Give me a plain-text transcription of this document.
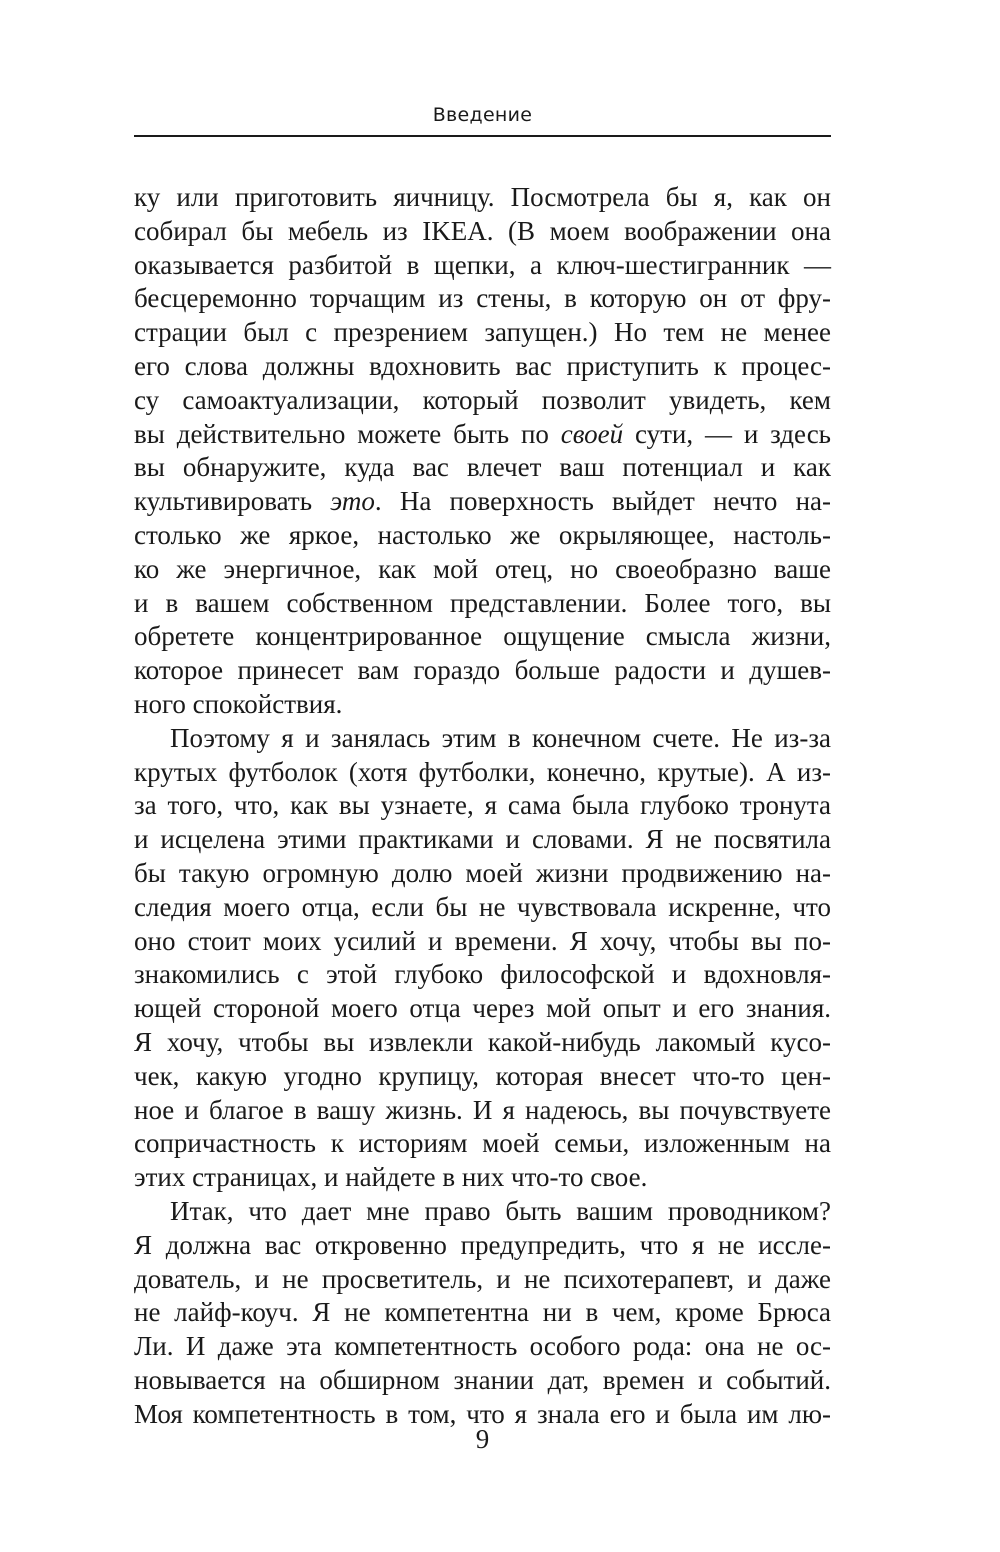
Введение
ку или приготовить яичницу. Посмотрела бы я, как он
собирал бы мебель из IKEA. (В моем воображении она
оказывается разбитой в щепки, а ключ-шестигранник —
бесцеремонно торчащим из стены, в которую он от фру-
страции был с презрением запущен.) Но тем не менее
его слова должны вдохновить вас приступить к процес-
су самоактуализации, который позволит увидеть, кем
вы действительно можете быть по своей сути, — и здесь
вы обнаружите, куда вас влечет ваш потенциал и как
культивировать это. На поверхность выйдет нечто на-
столько же яркое, настолько же окрыляющее, настоль-
ко же энергичное, как мой отец, но своеобразно ваше
и в вашем собственном представлении. Более того, вы
обретете концентрированное ощущение смысла жизни,
которое принесет вам гораздо больше радости и душев-
ного спокойствия.
Поэтому я и занялась этим в конечном счете. Не из-за
крутых футболок (хотя футболки, конечно, крутые). А из-
за того, что, как вы узнаете, я сама была глубоко тронута
и исцелена этими практиками и словами. Я не посвятила
бы такую огромную долю моей жизни продвижению на-
следия моего отца, если бы не чувствовала искренне, что
оно стоит моих усилий и времени. Я хочу, чтобы вы по-
знакомились с этой глубоко философской и вдохновля-
ющей стороной моего отца через мой опыт и его знания.
Я хочу, чтобы вы извлекли какой-нибудь лакомый кусо-
чек, какую угодно крупицу, которая внесет что-то цен-
ное и благое в вашу жизнь. И я надеюсь, вы почувствуете
сопричастность к историям моей семьи, изложенным на
этих страницах, и найдете в них что-то свое.
Итак, что дает мне право быть вашим проводником?
Я должна вас откровенно предупредить, что я не иссле-
дователь, и не просветитель, и не психотерапевт, и даже
не лайф-коуч. Я не компетентна ни в чем, кроме Брюса
Ли. И даже эта компетентность особого рода: она не ос-
новывается на обширном знании дат, времен и событий.
Моя компетентность в том, что я знала его и была им лю-
9
